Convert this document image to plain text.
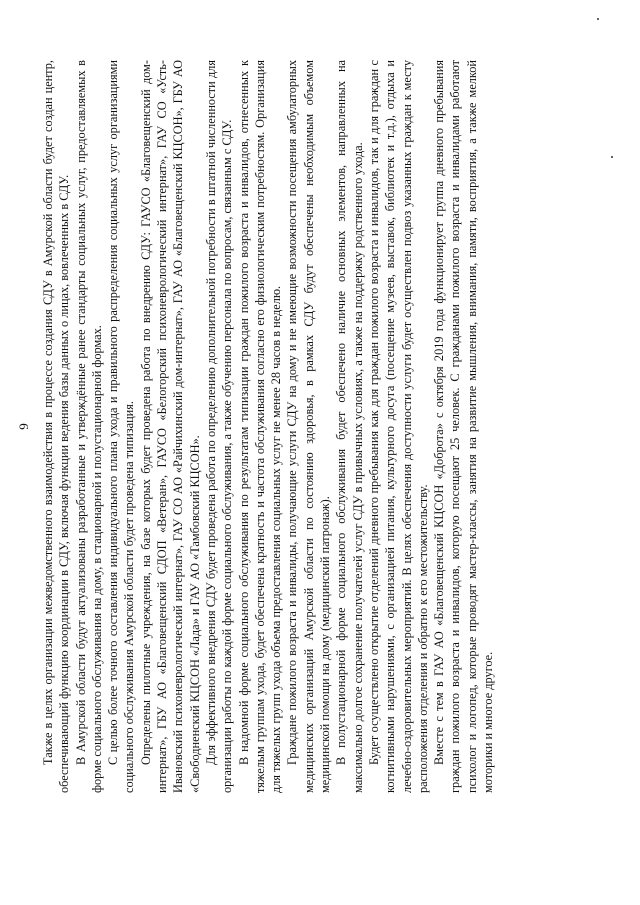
9 Также в целях организации межведомственного взаимодействия в процессе создания СДУ в Амурской области будет создан центр, обеспечивающий функцию координации в СДУ, включая функции ведения базы данных о лицах, вовлеченных в СДУ. В Амурской области будут актуализованы разработанные и утверждённые ранее стандарты социальных услуг, предоставляемых в форме социального обслуживания на дому, в стационарной и полустационарной формах. С целью более точного составления индивидуального плана ухода и правильного распределения социальных услуг организациями социального обслуживания Амурской области будет проведена типизация. Определены пилотные учреждения, на базе которых будет проведена работа по внедрению СДУ: ГАУСО «Благовещенский дом-интернат», ГБУ АО «Благовещенский СДОП «Ветеран», ГАУСО «Белогорский психоневрологический интернат», ГАУ СО «Усть-Ивановский психоневрологический интернат», ГАУ СО АО «Райчихинский дом-интернат», ГАУ АО «Благовещенский КЦСОН», ГБУ АО «Свободненский КЦСОН «Лада» и ГАУ АО «Тамбовский КЦСОН». Для эффективного внедрения СДУ будет проведена работа по определению дополнительной потребности в штатной численности для организации работы по каждой форме социального обслуживания, а также обучению персонала по вопросам, связанным с СДУ. В надомной форме социального обслуживания по результатам типизации граждан пожилого возраста и инвалидов, отнесенных к тяжелым группам ухода, будет обеспечена кратность и частота обслуживания согласно его физиологическим потребностям. Организация для тяжелых групп ухода объема предоставления социальных услуг не менее 28 часов в неделю. Граждане пожилого возраста и инвалиды, получающие услуги СДУ на дому и не имеющие возможности посещения амбулаторных медицинских организаций Амурской области по состоянию здоровья, в рамках СДУ будут обеспечены необходимым объемом медицинской помощи на дому (медицинский патронаж). В полустационарной форме социального обслуживания будет обеспечено наличие основных элементов, направленных на максимально долгое сохранение получателей услуг СДУ в привычных условиях, а также на поддержку родственного ухода. Будет осуществлено открытие отделений дневного пребывания как для граждан пожилого возраста и инвалидов, так и для граждан с когнитивными нарушениями, с организацией питания, культурного досуга (посещение музеев, выставок, библиотек и т.д.), отдыха и лечебно-оздоровительных мероприятий. В целях обеспечения доступности услуги будет осуществлен подвоз указанных граждан к месту расположения отделения и обратно к его местожительству. Вместе с тем в ГАУ АО «Благовещенский КЦСОН «Доброта» с октября 2019 года функционирует группа дневного пребывания граждан пожилого возраста и инвалидов, которую посещают 25 человек. С гражданами пожилого возраста и инвалидами работают психолог и логопед, которые проводят мастер-классы, занятия на развитие мышления, внимания, памяти, восприятия, а также мелкой моторики и многое другое.
